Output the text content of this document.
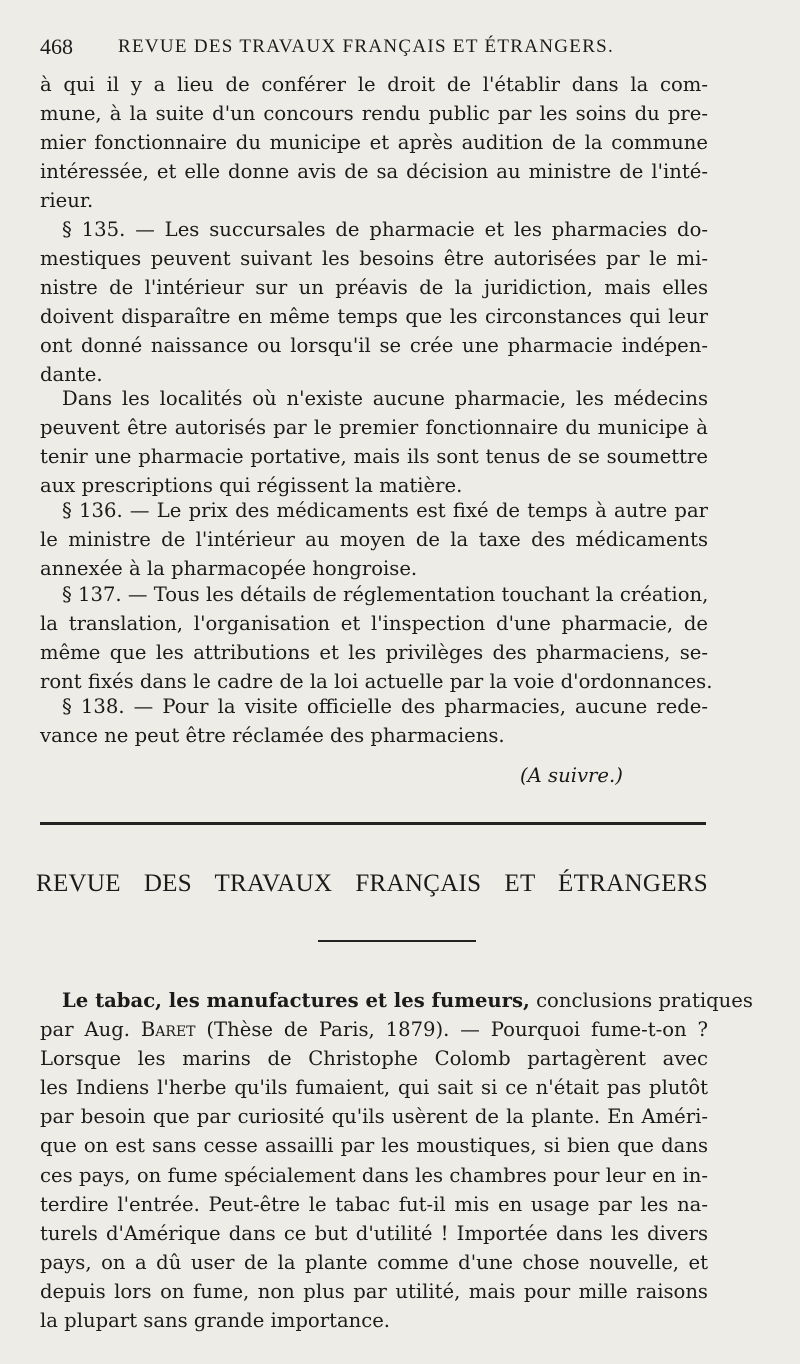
468 REVUE DES TRAVAUX FRANÇAIS ET ÉTRANGERS.
à qui il y a lieu de conférer le droit de l'établir dans la com-
mune, à la suite d'un concours rendu public par les soins du pre-
mier fonctionnaire du municipe et après audition de la commune
intéressée, et elle donne avis de sa décision au ministre de l'inté-
rieur.
§ 135. — Les succursales de pharmacie et les pharmacies do-
mestiques peuvent suivant les besoins être autorisées par le mi-
nistre de l'intérieur sur un préavis de la juridiction, mais elles
doivent disparaître en même temps que les circonstances qui leur
ont donné naissance ou lorsqu'il se crée une pharmacie indépen-
dante.
Dans les localités où n'existe aucune pharmacie, les médecins
peuvent être autorisés par le premier fonctionnaire du municipe à
tenir une pharmacie portative, mais ils sont tenus de se soumettre
aux prescriptions qui régissent la matière.
§ 136. — Le prix des médicaments est fixé de temps à autre par
le ministre de l'intérieur au moyen de la taxe des médicaments
annexée à la pharmacopée hongroise.
§ 137. — Tous les détails de réglementation touchant la création,
la translation, l'organisation et l'inspection d'une pharmacie, de
même que les attributions et les privilèges des pharmaciens, se-
ront fixés dans le cadre de la loi actuelle par la voie d'ordonnances.
§ 138. — Pour la visite officielle des pharmacies, aucune rede-
vance ne peut être réclamée des pharmaciens.
(A suivre.)
REVUE DES TRAVAUX FRANÇAIS ET ÉTRANGERS
Le tabac, les manufactures et les fumeurs, conclusions pratiques
par Aug. Baret (Thèse de Paris, 1879). — Pourquoi fume-t-on ?
Lorsque les marins de Christophe Colomb partagèrent avec
les Indiens l'herbe qu'ils fumaient, qui sait si ce n'était pas plutôt
par besoin que par curiosité qu'ils usèrent de la plante. En Améri-
que on est sans cesse assailli par les moustiques, si bien que dans
ces pays, on fume spécialement dans les chambres pour leur en in-
terdire l'entrée. Peut-être le tabac fut-il mis en usage par les na-
turels d'Amérique dans ce but d'utilité ! Importée dans les divers
pays, on a dû user de la plante comme d'une chose nouvelle, et
depuis lors on fume, non plus par utilité, mais pour mille raisons
la plupart sans grande importance.
